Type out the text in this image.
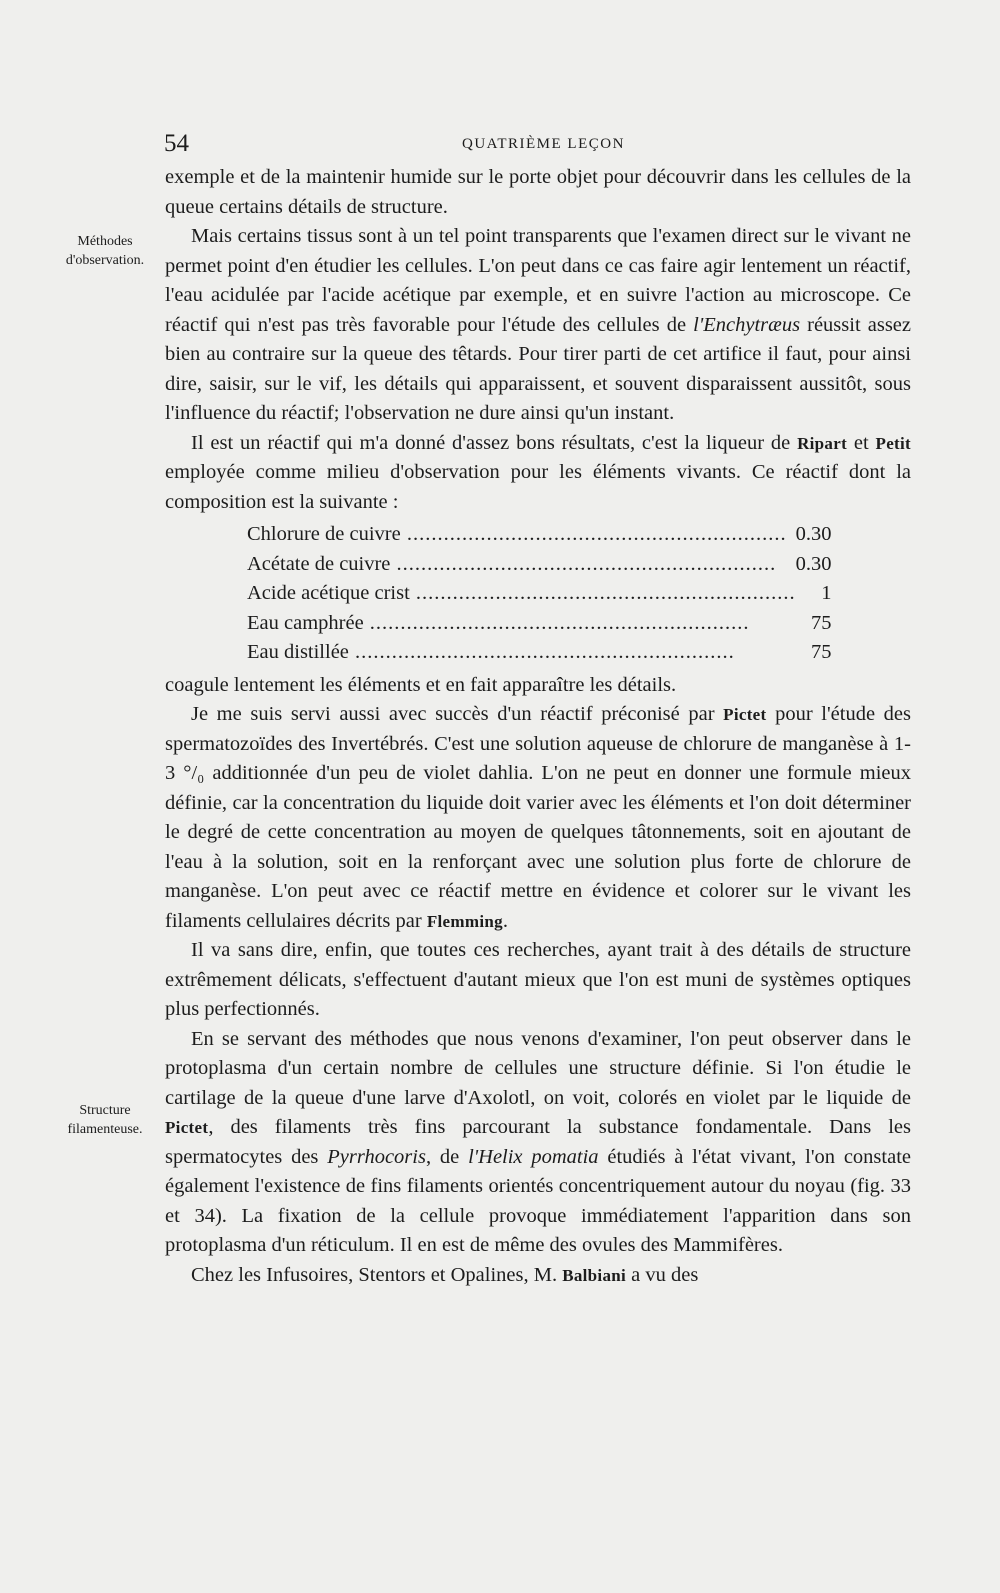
54	QUATRIÈME LEÇON
Méthodes
d'observation.
Structure
filamenteuse.

exemple et de la maintenir humide sur le porte objet pour découvrir dans les cellules de la queue certains détails de structure.

Mais certains tissus sont à un tel point transparents que l'examen direct sur le vivant ne permet point d'en étudier les cellules. L'on peut dans ce cas faire agir lentement un réactif, l'eau acidulée par l'acide acétique par exemple, et en suivre l'action au microscope. Ce réactif qui n'est pas très favorable pour l'étude des cellules de l'Enchytræus réussit assez bien au contraire sur la queue des têtards. Pour tirer parti de cet artifice il faut, pour ainsi dire, saisir, sur le vif, les détails qui apparaissent, et souvent disparaissent aussitôt, sous l'influence du réactif; l'observation ne dure ainsi qu'un instant.

Il est un réactif qui m'a donné d'assez bons résultats, c'est la liqueur de Ripart et Petit employée comme milieu d'observation pour les éléments vivants. Ce réactif dont la composition est la suivante :

Chlorure de cuivre .....	0.30
Acétate de cuivre .....	0.30
Acide acétique crist .....	1
Eau camphrée .....	75
Eau distillée .....	75

coagule lentement les éléments et en fait apparaître les détails.

Je me suis servi aussi avec succès d'un réactif préconisé par Pictet pour l'étude des spermatozoïdes des Invertébrés. C'est une solution aqueuse de chlorure de manganèse à 1-3 °/₀ additionnée d'un peu de violet dahlia. L'on ne peut en donner une formule mieux définie, car la concentration du liquide doit varier avec les éléments et l'on doit déterminer le degré de cette concentration au moyen de quelques tâtonnements, soit en ajoutant de l'eau à la solution, soit en la renforçant avec une solution plus forte de chlorure de manganèse. L'on peut avec ce réactif mettre en évidence et colorer sur le vivant les filaments cellulaires décrits par Flemming.

Il va sans dire, enfin, que toutes ces recherches, ayant trait à des détails de structure extrêmement délicats, s'effectuent d'autant mieux que l'on est muni de systèmes optiques plus perfectionnés.

En se servant des méthodes que nous venons d'examiner, l'on peut observer dans le protoplasma d'un certain nombre de cellules une structure définie. Si l'on étudie le cartilage de la queue d'une larve d'Axolotl, on voit, colorés en violet par le liquide de Pictet, des filaments très fins parcourant la substance fondamentale. Dans les spermatocytes des Pyrrhocoris, de l'Helix pomatia étudiés à l'état vivant, l'on constate également l'existence de fins filaments orientés concentriquement autour du noyau (fig. 33 et 34). La fixation de la cellule provoque immédiatement l'apparition dans son protoplasma d'un réticulum. Il en est de même des ovules des Mammifères.

Chez les Infusoires, Stentors et Opalines, M. Balbiani a vu des
